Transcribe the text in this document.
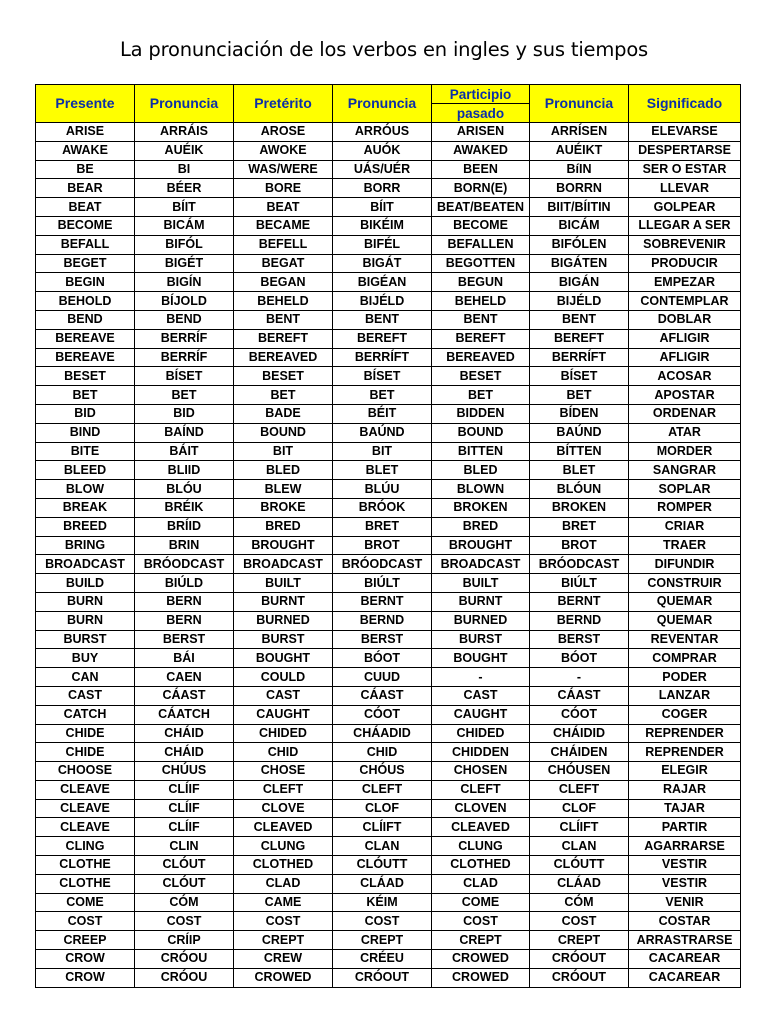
La pronunciación de los verbos en ingles y sus tiempos
Presente	Pronuncia	Pretérito	Pronuncia	Participio	Pronuncia	Significado
				pasado		
ARISE	ARRÁIS	AROSE	ARRÓUS	ARISEN	ARRÍSEN	ELEVARSE
AWAKE	AUÉIK	AWOKE	AUÓK	AWAKED	AUÉIKT	DESPERTARSE
BE	BI	WAS/WERE	UÁS/UÉR	BEEN	BíIN	SER O ESTAR
BEAR	BÉER	BORE	BORR	BORN(E)	BORRN	LLEVAR
BEAT	BÍIT	BEAT	BÍIT	BEAT/BEATEN	BIIT/BÍITIN	GOLPEAR
BECOME	BICÁM	BECAME	BIKÉIM	BECOME	BICÁM	LLEGAR A SER
BEFALL	BIFÓL	BEFELL	BIFÉL	BEFALLEN	BIFÓLEN	SOBREVENIR
BEGET	BIGÉT	BEGAT	BIGÁT	BEGOTTEN	BIGÁTEN	PRODUCIR
BEGIN	BIGÍN	BEGAN	BIGÉAN	BEGUN	BIGÁN	EMPEZAR
BEHOLD	BÍJOLD	BEHELD	BIJÉLD	BEHELD	BIJÉLD	CONTEMPLAR
BEND	BEND	BENT	BENT	BENT	BENT	DOBLAR
BEREAVE	BERRÍF	BEREFT	BEREFT	BEREFT	BEREFT	AFLIGIR
BEREAVE	BERRÍF	BEREAVED	BERRÍFT	BEREAVED	BERRÍFT	AFLIGIR
BESET	BÍSET	BESET	BÍSET	BESET	BÍSET	ACOSAR
BET	BET	BET	BET	BET	BET	APOSTAR
BID	BID	BADE	BÉIT	BIDDEN	BÍDEN	ORDENAR
BIND	BAÍND	BOUND	BAÚND	BOUND	BAÚND	ATAR
BITE	BÁIT	BIT	BIT	BITTEN	BÍTTEN	MORDER
BLEED	BLIID	BLED	BLET	BLED	BLET	SANGRAR
BLOW	BLÓU	BLEW	BLÚU	BLOWN	BLÓUN	SOPLAR
BREAK	BRÉIK	BROKE	BRÓOK	BROKEN	BROKEN	ROMPER
BREED	BRÍID	BRED	BRET	BRED	BRET	CRIAR
BRING	BRIN	BROUGHT	BROT	BROUGHT	BROT	TRAER
BROADCAST	BRÓODCAST	BROADCAST	BRÓODCAST	BROADCAST	BRÓODCAST	DIFUNDIR
BUILD	BIÚLD	BUILT	BIÚLT	BUILT	BIÚLT	CONSTRUIR
BURN	BERN	BURNT	BERNT	BURNT	BERNT	QUEMAR
BURN	BERN	BURNED	BERND	BURNED	BERND	QUEMAR
BURST	BERST	BURST	BERST	BURST	BERST	REVENTAR
BUY	BÁI	BOUGHT	BÓOT	BOUGHT	BÓOT	COMPRAR
CAN	CAEN	COULD	CUUD	-	-	PODER
CAST	CÁAST	CAST	CÁAST	CAST	CÁAST	LANZAR
CATCH	CÁATCH	CAUGHT	CÓOT	CAUGHT	CÓOT	COGER
CHIDE	CHÁID	CHIDED	CHÁADID	CHIDED	CHÁIDID	REPRENDER
CHIDE	CHÁID	CHID	CHID	CHIDDEN	CHÁIDEN	REPRENDER
CHOOSE	CHÚUS	CHOSE	CHÓUS	CHOSEN	CHÓUSEN	ELEGIR
CLEAVE	CLÍIF	CLEFT	CLEFT	CLEFT	CLEFT	RAJAR
CLEAVE	CLÍIF	CLOVE	CLOF	CLOVEN	CLOF	TAJAR
CLEAVE	CLÍIF	CLEAVED	CLÍIFT	CLEAVED	CLÍIFT	PARTIR
CLING	CLIN	CLUNG	CLAN	CLUNG	CLAN	AGARRARSE
CLOTHE	CLÓUT	CLOTHED	CLÓUTT	CLOTHED	CLÓUTT	VESTIR
CLOTHE	CLÓUT	CLAD	CLÁAD	CLAD	CLÁAD	VESTIR
COME	CÓM	CAME	KÉIM	COME	CÓM	VENIR
COST	COST	COST	COST	COST	COST	COSTAR
CREEP	CRÍIP	CREPT	CREPT	CREPT	CREPT	ARRASTRARSE
CROW	CRÓOU	CREW	CRÉEU	CROWED	CRÓOUT	CACAREAR
CROW	CRÓOU	CROWED	CRÓOUT	CROWED	CRÓOUT	CACAREAR
